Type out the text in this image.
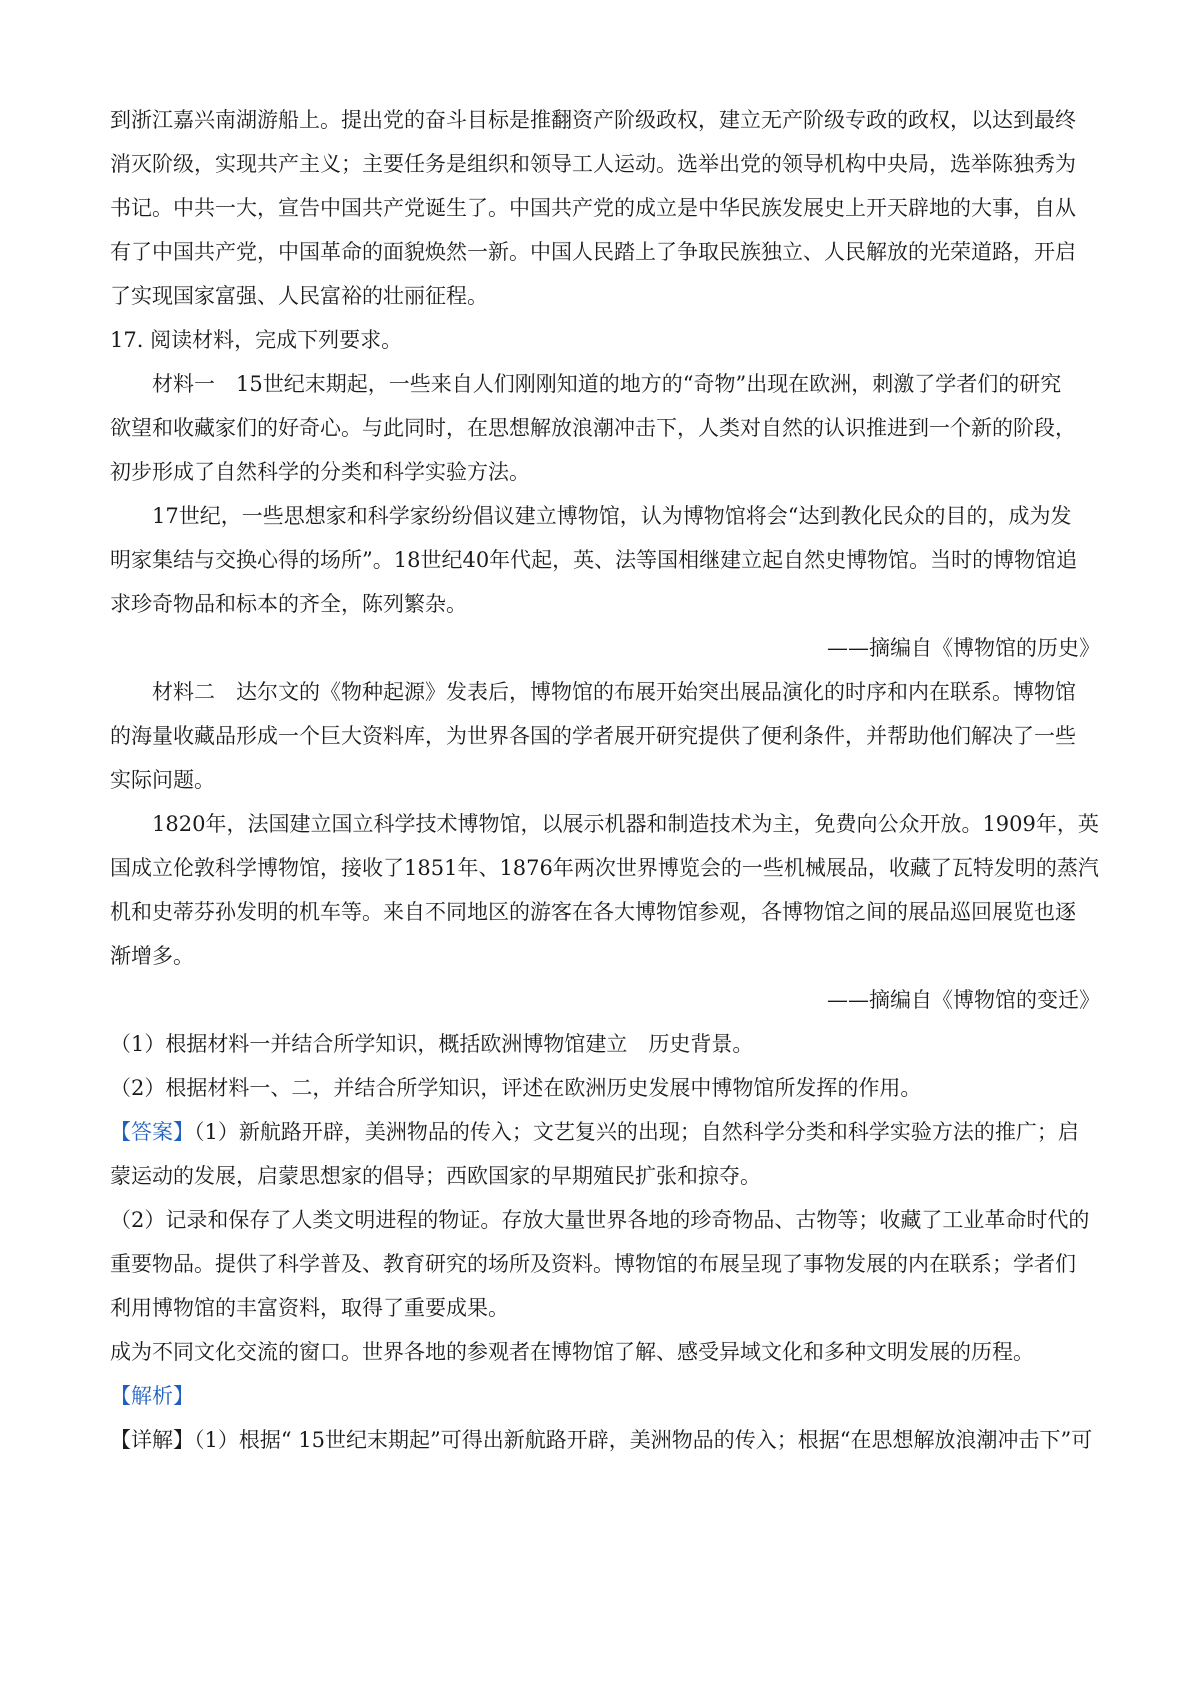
到浙江嘉兴南湖游船上。提出党的奋斗目标是推翻资产阶级政权，建立无产阶级专政的政权，以达到最终
消灭阶级，实现共产主义；主要任务是组织和领导工人运动。选举出党的领导机构中央局，选举陈独秀为
书记。中共一大，宣告中国共产党诞生了。中国共产党的成立是中华民族发展史上开天辟地的大事，自从
有了中国共产党，中国革命的面貌焕然一新。中国人民踏上了争取民族独立、人民解放的光荣道路，开启
了实现国家富强、人民富裕的壮丽征程。
17. 阅读材料，完成下列要求。
材料一　15世纪末期起，一些来自人们刚刚知道的地方的“奇物”出现在欧洲，刺激了学者们的研究
欲望和收藏家们的好奇心。与此同时，在思想解放浪潮冲击下，人类对自然的认识推进到一个新的阶段，
初步形成了自然科学的分类和科学实验方法。
17世纪，一些思想家和科学家纷纷倡议建立博物馆，认为博物馆将会“达到教化民众的目的，成为发
明家集结与交换心得的场所”。18世纪40年代起，英、法等国相继建立起自然史博物馆。当时的博物馆追
求珍奇物品和标本的齐全，陈列繁杂。
——摘编自《博物馆的历史》
材料二　达尔文的《物种起源》发表后，博物馆的布展开始突出展品演化的时序和内在联系。博物馆
的海量收藏品形成一个巨大资料库，为世界各国的学者展开研究提供了便利条件，并帮助他们解决了一些
实际问题。
1820年，法国建立国立科学技术博物馆，以展示机器和制造技术为主，免费向公众开放。1909年，英
国成立伦敦科学博物馆，接收了1851年、1876年两次世界博览会的一些机械展品，收藏了瓦特发明的蒸汽
机和史蒂芬孙发明的机车等。来自不同地区的游客在各大博物馆参观，各博物馆之间的展品巡回展览也逐
渐增多。
——摘编自《博物馆的变迁》
（1）根据材料一并结合所学知识，概括欧洲博物馆建立　历史背景。
（2）根据材料一、二，并结合所学知识，评述在欧洲历史发展中博物馆所发挥的作用。
【答案】（1）新航路开辟，美洲物品的传入；文艺复兴的出现；自然科学分类和科学实验方法的推广；启
蒙运动的发展，启蒙思想家的倡导；西欧国家的早期殖民扩张和掠夺。
（2）记录和保存了人类文明进程的物证。存放大量世界各地的珍奇物品、古物等；收藏了工业革命时代的
重要物品。提供了科学普及、教育研究的场所及资料。博物馆的布展呈现了事物发展的内在联系；学者们
利用博物馆的丰富资料，取得了重要成果。
成为不同文化交流的窗口。世界各地的参观者在博物馆了解、感受异域文化和多种文明发展的历程。
【解析】
【详解】（1）根据“ 15世纪末期起”可得出新航路开辟，美洲物品的传入；根据“在思想解放浪潮冲击下”可
